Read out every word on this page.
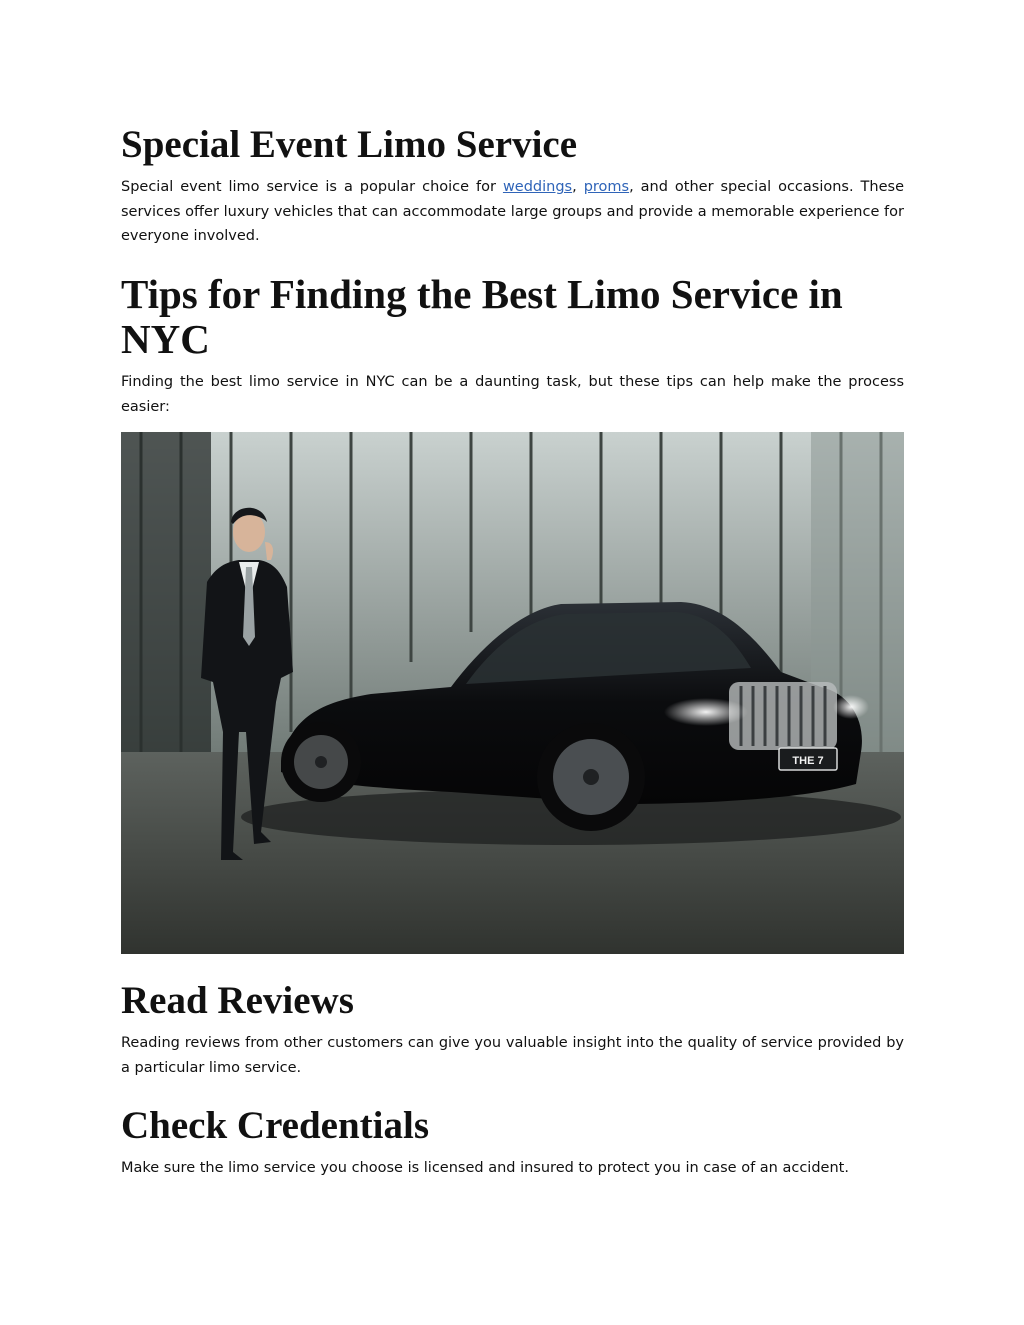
Special Event Limo Service

Special event limo service is a popular choice for weddings, proms, and other special occasions. These services offer luxury vehicles that can accommodate large groups and provide a memorable experience for everyone involved.

Tips for Finding the Best Limo Service in NYC

Finding the best limo service in NYC can be a daunting task, but these tips can help make the process easier:

THE 7
Read Reviews

Reading reviews from other customers can give you valuable insight into the quality of service provided by a particular limo service.

Check Credentials

Make sure the limo service you choose is licensed and insured to protect you in case of an accident.
